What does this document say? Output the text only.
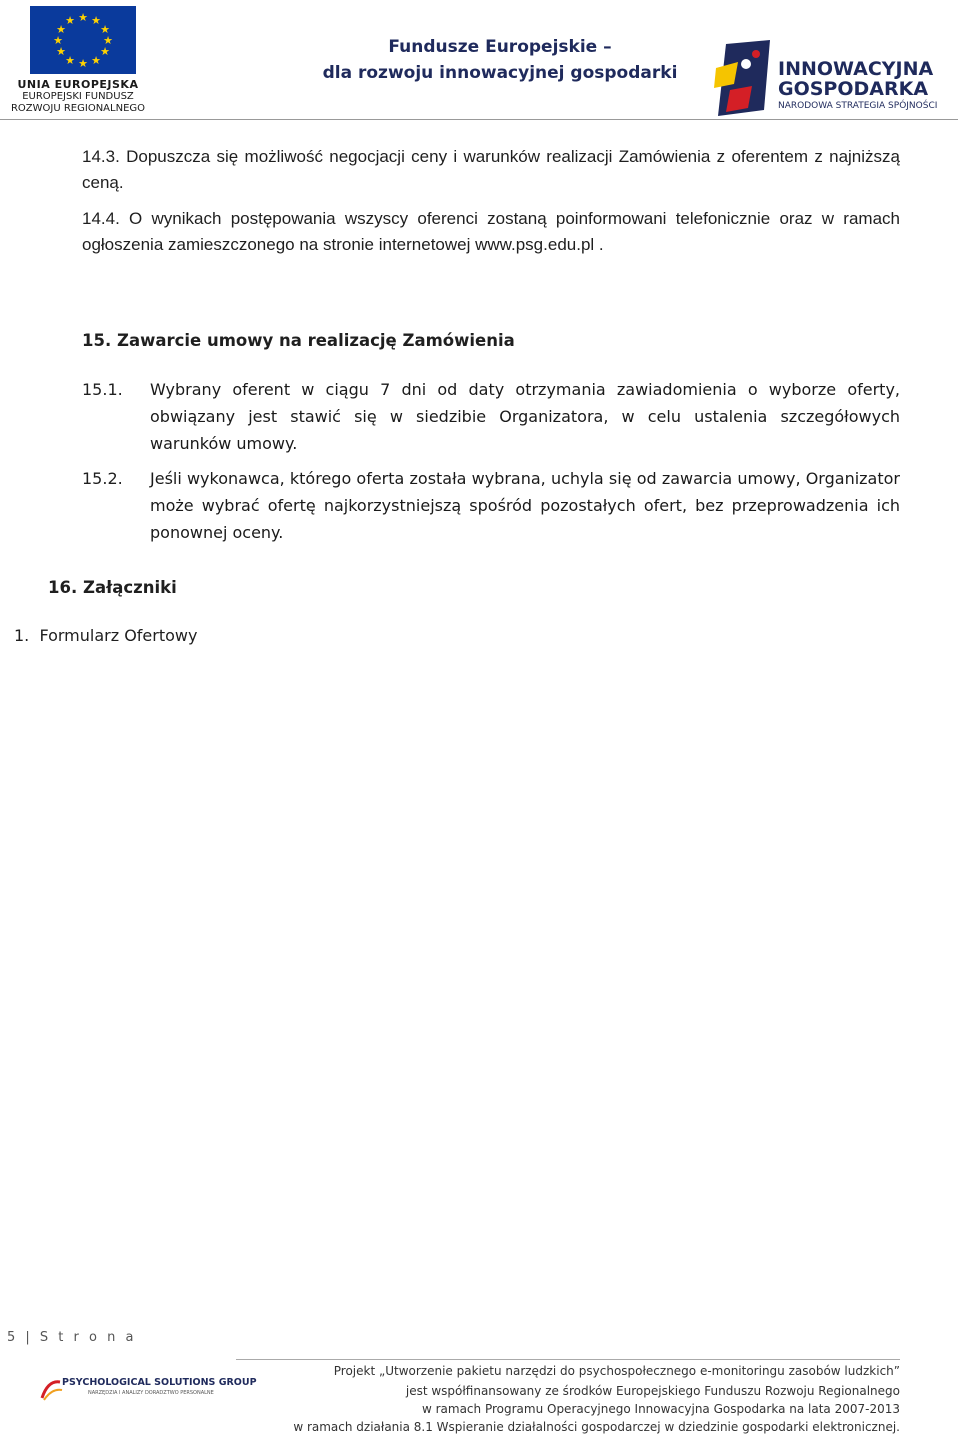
★ ★
★
★
★
★
★
★
★
★
★
★
UNIA EUROPEJSKA
EUROPEJSKI FUNDUSZ
ROZWOJU REGIONALNEGO
Fundusze Europejskie –
dla rozwoju innowacyjnej gospodarki	INNOWACYJNA
GOSPODARKA
NARODOWA STRATEGIA SPÓJNOŚCI
14.3. Dopuszcza się możliwość negocjacji ceny i warunków realizacji Zamówienia z oferentem z najniższą ceną.
14.4. O wynikach postępowania wszyscy oferenci zostaną poinformowani telefonicznie oraz w ramach ogłoszenia zamieszczonego na stronie internetowej www.psg.edu.pl .
15. Zawarcie umowy na realizację Zamówienia
15.1. Wybrany oferent w ciągu 7 dni od daty otrzymania zawiadomienia o wyborze oferty, obwiązany jest stawić się w siedzibie Organizatora, w celu ustalenia szczegółowych warunków umowy.
15.2. Jeśli wykonawca, którego oferta została wybrana, uchyla się od zawarcia umowy, Organizator może wybrać ofertę najkorzystniejszą spośród pozostałych ofert, bez przeprowadzenia ich ponownej oceny.
16. Załączniki
1.  Formularz Ofertowy
5 | S t r o n a
PSYCHOLOGICAL SOLUTIONS GROUP
NARZĘDZIA I ANALIZY DORADZTWO PERSONALNE
Projekt „Utworzenie pakietu narzędzi do psychospołecznego e-monitoringu zasobów ludzkich”
jest współfinansowany ze środków Europejskiego Funduszu Rozwoju Regionalnego
w ramach Programu Operacyjnego Innowacyjna Gospodarka na lata 2007-2013
w ramach działania 8.1 Wspieranie działalności gospodarczej w dziedzinie gospodarki elektronicznej.
